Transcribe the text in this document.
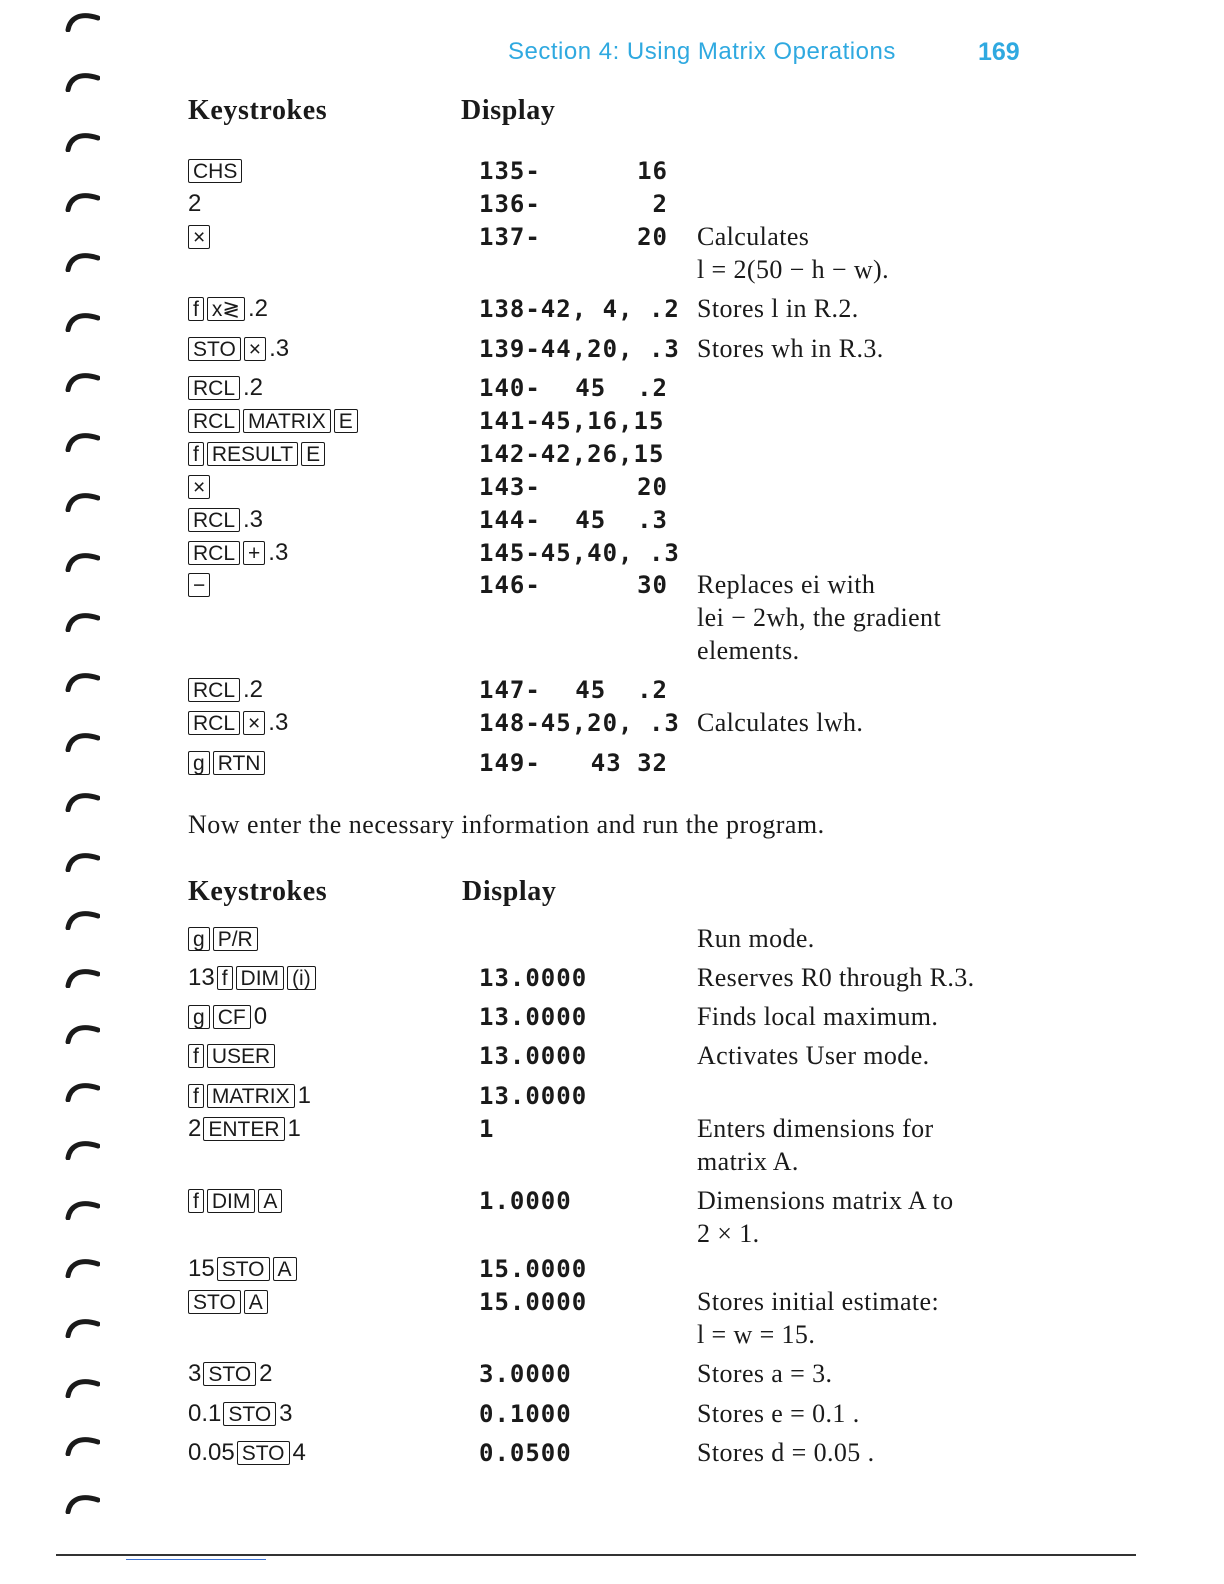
Section 4: Using Matrix Operations	169
Keystrokes	Display
CHS	135-	16
2	136-	2
×	137-	20 Calculates
l = 2(50 − h − w).
f x≷ .2	138-42, 4, .2 Stores l in R.2.
STO × .3	139-44,20, .3 Stores wh in R.3.
RCL .2	140- 45  .2
RCL MATRIX E	141-45,16,15
f RESULT E	142-42,26,15
×	143-	20
RCL .3	144- 45  .3
RCL + .3	145-45,40, .3
−	146-	30 Replaces ei with
lei − 2wh, the gradient
elements.
RCL .2	147- 45  .2
RCL × .3	148-45,20, .3 Calculates lwh.
g RTN	149- 43 32
Now enter the necessary information and run the program.
Keystrokes	Display
g P/R	Run mode.
13 f DIM (i)	13.0000	Reserves R0 through R.3.
g CF 0	13.0000	Finds local maximum.
f USER	13.0000	Activates User mode.
f MATRIX 1	13.0000
2 ENTER 1	1	Enters dimensions for
matrix A.
f DIM A	1.0000	Dimensions matrix A to
2 × 1.
15 STO A	15.0000
STO A	15.0000	Stores initial estimate:
l = w = 15.
3 STO 2	3.0000	Stores a = 3.
0.1 STO 3	0.1000	Stores e = 0.1 .
0.05 STO 4	0.0500	Stores d = 0.05 .
